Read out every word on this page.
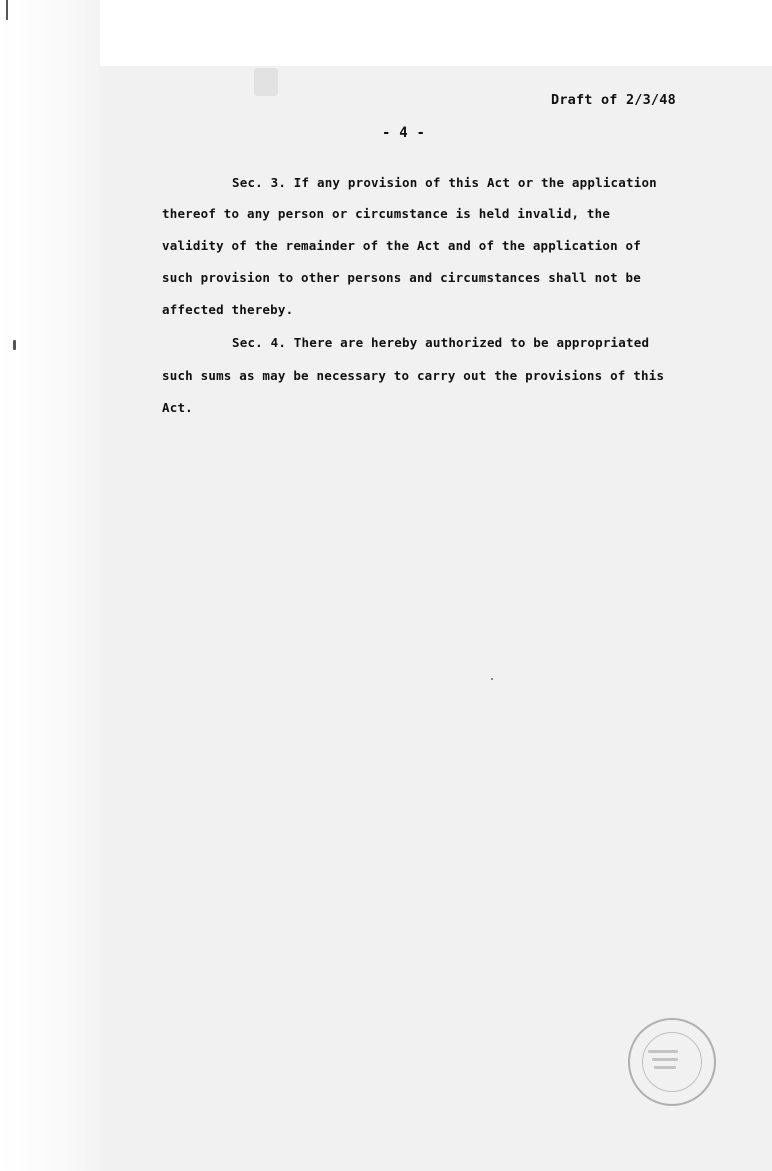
Draft of 2/3/48
- 4 -
Sec. 3. If any provision of this Act or the application
thereof to any person or circumstance is held invalid, the
validity of the remainder of the Act and of the application of
such provision to other persons and circumstances shall not be
affected thereby.
Sec. 4. There are hereby authorized to be appropriated
such sums as may be necessary to carry out the provisions of this
Act.
